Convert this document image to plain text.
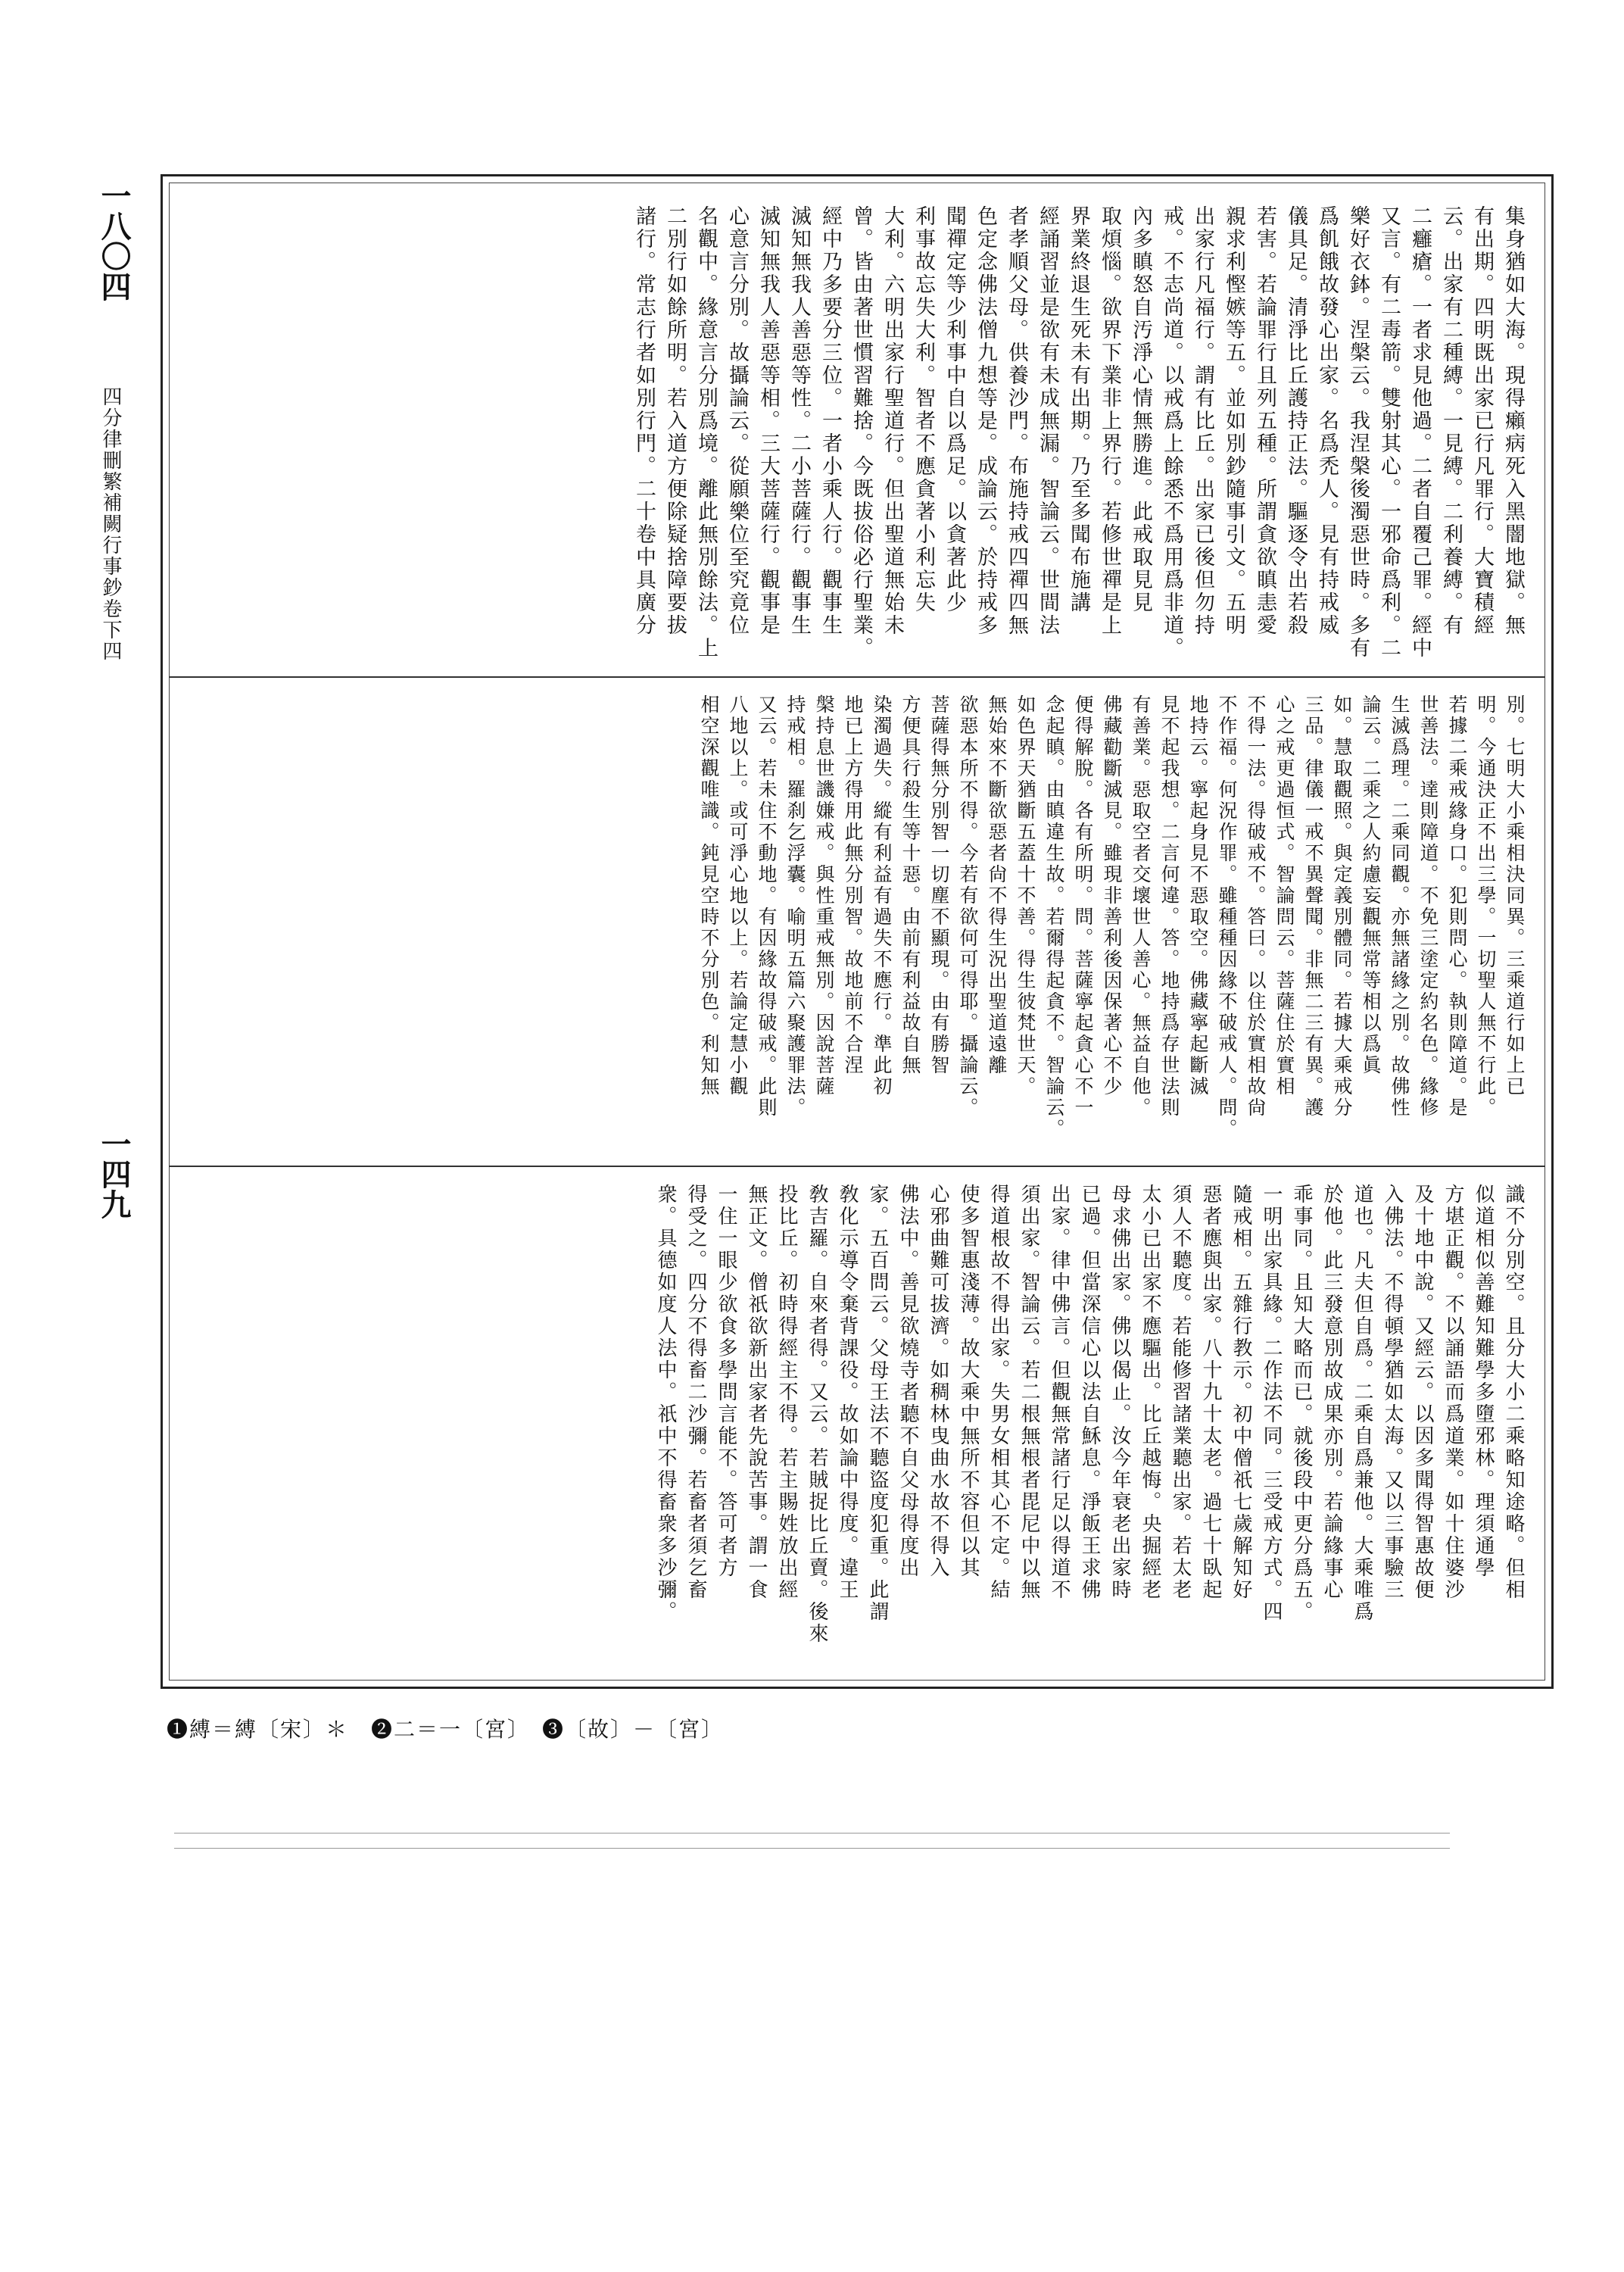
一八〇四
四分律刪繁補闕行事鈔卷下四
一四九
集身猶如大海。現得癩病死入黑闇地獄。無
有出期。四明既出家已行凡罪行。大寶積經
云。出家有二種縛。一見縛。二利養縛。有
二癰瘡。一者求見他過。二者自覆己罪。經中
又言。有二毒箭。雙射其心。一邪命爲利。二
樂好衣鉢。涅槃云。我涅槃後濁惡世時。多有
爲飢餓故發心出家。名爲禿人。見有持戒威
儀具足。清淨比丘護持正法。驅逐令出若殺
若害。若論罪行且列五種。所謂貪欲瞋恚愛
親求利慳嫉等五。並如別鈔隨事引文。五明
出家行凡福行。謂有比丘。出家已後但勿持
戒。不志尚道。以戒爲上餘悉不爲用爲非道。
內多瞋怒自汚淨心情無勝進。此戒取見見
取煩惱。欲界下業非上界行。若修世禪是上
界業終退生死未有出期。乃至多聞布施講
經誦習並是欲有未成無漏。智論云。世間法
者孝順父母。供養沙門。布施持戒四禪四無
色定念佛法僧九想等是。成論云。於持戒多
聞禪定等少利事中自以爲足。以貪著此少
利事故忘失大利。智者不應貪著小利忘失
大利。六明出家行聖道行。但出聖道無始未
曾。皆由著世慣習難捨。今既拔俗必行聖業。
經中乃多要分三位。一者小乘人行。觀事生
滅知無我人善惡等性。二小菩薩行。觀事生
滅知無我人善惡等相。三大菩薩行。觀事是
心意言分別。故攝論云。從願樂位至究竟位
名觀中。緣意言分別爲境。離此無別餘法。上
二別行如餘所明。若入道方便除疑捨障要拔
諸行。常志行者如別行門。二十卷中具廣分
別。七明大小乘相決同異。三乘道行如上已
明。今通決正不出三學。一切聖人無不行此。
若據二乘戒緣身口。犯則問心。執則障道。是
世善法。達則障道。不免三塗定約名色。緣修
生滅爲理。二乘同觀。亦無諸緣之別。故佛性
論云。二乘之人約慮妄觀無常等相以爲眞
如。慧取觀照。與定義別體同。若據大乘戒分
三品。律儀一戒不異聲聞。非無二三有異。護
心之戒更過恒式。智論問云。菩薩住於實相
不得一法。得破戒不。答曰。以住於實相故尙
不作福。何況作罪。雖種種因緣不破戒人。問。
地持云。寧起身見不惡取空。佛藏寧起斷滅
見不起我想。二言何違。答。地持爲存世法則
有善業。惡取空者交壞世人善心。無益自他。
佛藏勸斷滅見。雖現非善利後因保著心不少
便得解脫。各有所明。問。菩薩寧起貪心不一
念起瞋。由瞋違生故。若爾得起貪不。智論云。
如色界天猶斷五蓋十不善。得生彼梵世天。
無始來不斷欲惡者尙不得生況出聖道遠離
欲惡本所不得。今若有欲何可得耶。攝論云。
菩薩得無分別智一切塵不顯現。由有勝智
方便具行殺生等十惡。由前有利益故自無
染濁過失。縱有利益有過失不應行。準此初
地已上方得用此無分別智。故地前不合涅
槃持息世譏嫌戒。與性重戒無別。因說菩薩
持戒相。羅刹乞浮囊。喻明五篇六聚護罪法。
又云。若未住不動地。有因緣故得破戒。此則
八地以上。或可淨心地以上。若論定慧小觀
相空深觀唯識。鈍見空時不分別色。利知無
識不分別空。且分大小二乘略知途略。但相
似道相似善難知難學多墮邪林。理須通學
方堪正觀。不以誦語而爲道業。如十住婆沙
及十地中說。又經云。以因多聞得智惠故便
入佛法。不得頓學猶如太海。又以三事驗三
道也。凡夫但自爲。二乘自爲兼他。大乘唯爲
於他。此三發意別故成果亦別。若論緣事心
乖事同。且知大略而已。就後段中更分爲五。
一明出家具緣。二作法不同。三受戒方式。四
隨戒相。五雜行教示。初中僧祇七歲解知好
惡者應與出家。八十九十太老。過七十臥起
須人不聽度。若能修習諸業聽出家。若太老
太小已出家不應驅出。比丘越悔。央掘經老
母求佛出家。佛以偈止。汝今年衰老出家時
已過。但當深信心以法自穌息。淨飯王求佛
出家。律中佛言。但觀無常諸行足以得道不
須出家。智論云。若二根無根者毘尼中以無
得道根故不得出家。失男女相其心不定。結
使多智惠淺薄。故大乘中無所不容但以其
心邪曲難可拔濟。如稠林曳曲水故不得入
佛法中。善見欲燒寺者聽不自父母得度出
家。五百問云。父母王法不聽盜度犯重。此謂
敎化示導令棄背課役。故如論中得度。違王
敎吉羅。自來者得。又云。若賊捉比丘賣。後來
投比丘。初時得經主不得。若主賜姓放出經
無正文。僧祇欲新出家者先說苦事。謂一食
一住一眼少欲食多學問言能不。答可者方
得受之。四分不得畜二沙彌。若畜者須乞畜
衆。具德如度人法中。祇中不得畜衆多沙彌。
❶縛＝縛〔宋〕＊　❷二＝一〔宮〕　❸〔故〕－〔宮〕
